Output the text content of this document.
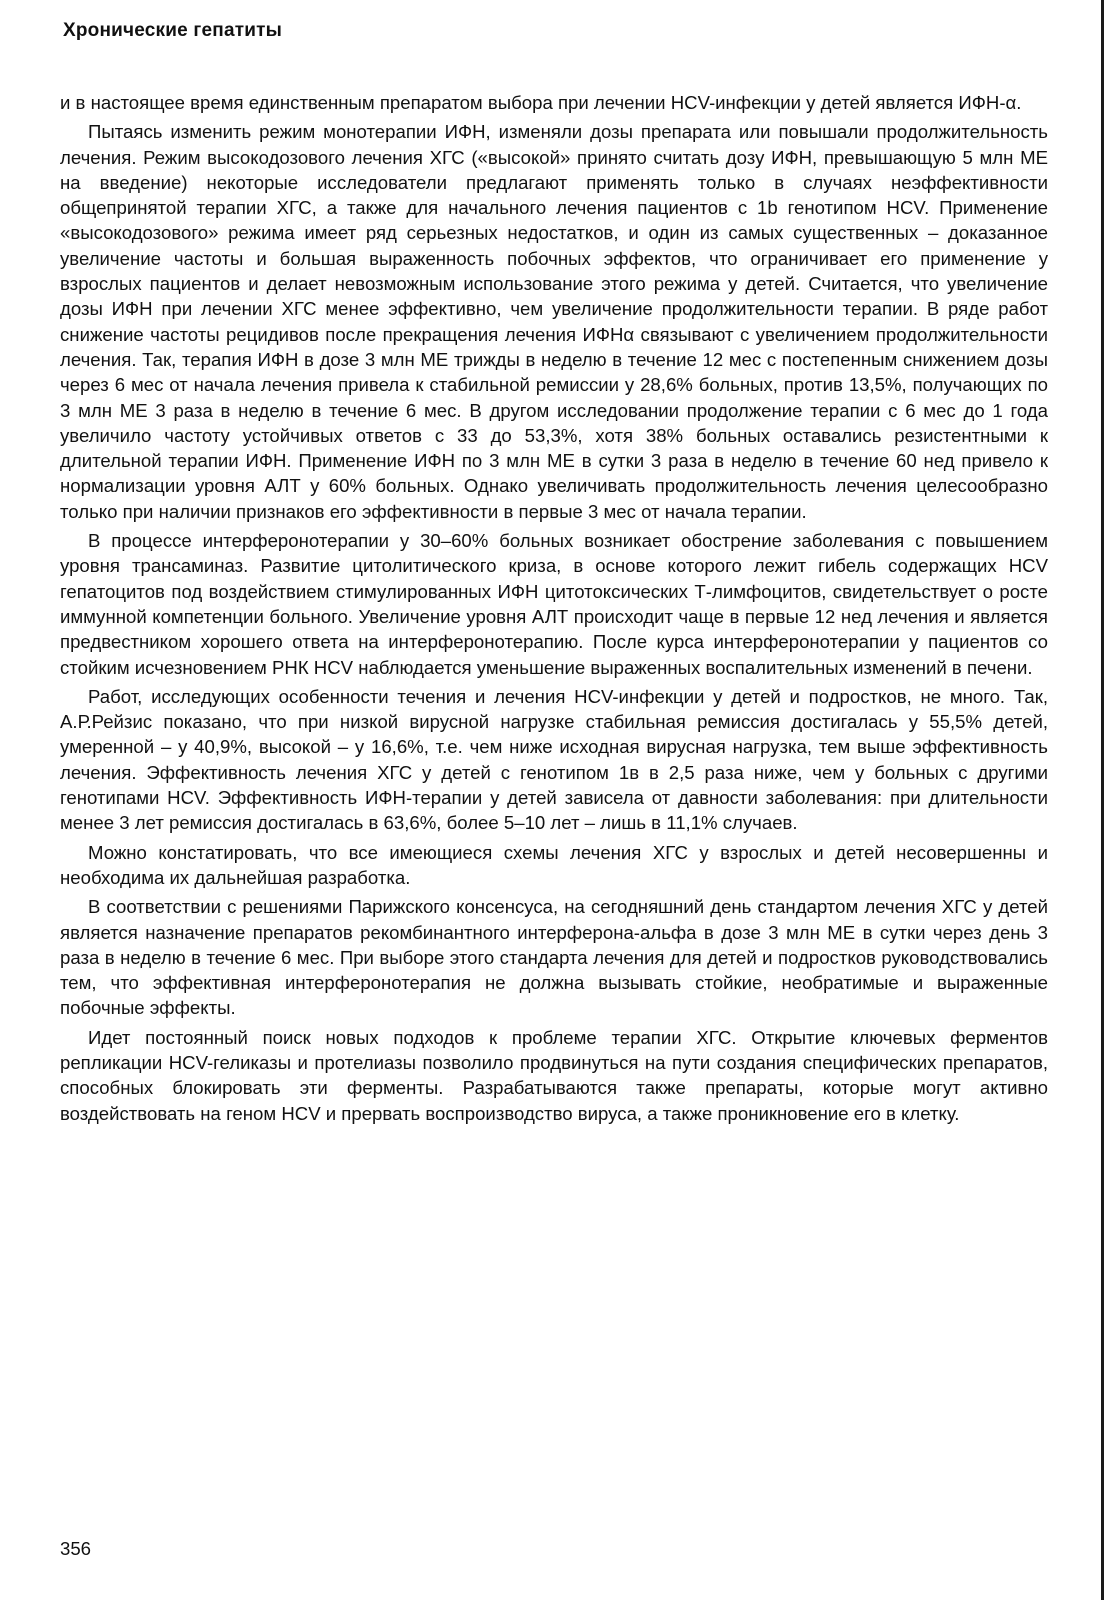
Хронические гепатиты

и в настоящее время единственным препаратом выбора при лечении HCV-инфекции у детей является ИФН-α.

Пытаясь изменить режим монотерапии ИФН, изменяли дозы препарата или повышали продолжительность лечения. Режим высокодозового лечения ХГС («высокой» принято считать дозу ИФН, превышающую 5 млн МЕ на введение) некоторые исследователи предлагают применять только в случаях неэффективности общепринятой терапии ХГС, а также для начального лечения пациентов с 1b генотипом HCV. Применение «высокодозового» режима имеет ряд серьезных недостатков, и один из самых существенных – доказанное увеличение частоты и большая выраженность побочных эффектов, что ограничивает его применение у взрослых пациентов и делает невозможным использование этого режима у детей. Считается, что увеличение дозы ИФН при лечении ХГС менее эффективно, чем увеличение продолжительности терапии. В ряде работ снижение частоты рецидивов после прекращения лечения ИФНα связывают с увеличением продолжительности лечения. Так, терапия ИФН в дозе 3 млн МЕ трижды в неделю в течение 12 мес с постепенным снижением дозы через 6 мес от начала лечения привела к стабильной ремиссии у 28,6% больных, против 13,5%, получающих по 3 млн МЕ 3 раза в неделю в течение 6 мес. В другом исследовании продолжение терапии с 6 мес до 1 года увеличило частоту устойчивых ответов с 33 до 53,3%, хотя 38% больных оставались резистентными к длительной терапии ИФН. Применение ИФН по 3 млн МЕ в сутки 3 раза в неделю в течение 60 нед привело к нормализации уровня АЛТ у 60% больных. Однако увеличивать продолжительность лечения целесообразно только при наличии признаков его эффективности в первые 3 мес от начала терапии.

В процессе интерферонотерапии у 30–60% больных возникает обострение заболевания с повышением уровня трансаминаз. Развитие цитолитического криза, в основе которого лежит гибель содержащих HCV гепатоцитов под воздействием стимулированных ИФН цитотоксических Т-лимфоцитов, свидетельствует о росте иммунной компетенции больного. Увеличение уровня АЛТ происходит чаще в первые 12 нед лечения и является предвестником хорошего ответа на интерферонотерапию. После курса интерферонотерапии у пациентов со стойким исчезновением РНК HCV наблюдается уменьшение выраженных воспалительных изменений в печени.

Работ, исследующих особенности течения и лечения HCV-инфекции у детей и подростков, не много. Так, А.Р.Рейзис показано, что при низкой вирусной нагрузке стабильная ремиссия достигалась у 55,5% детей, умеренной – у 40,9%, высокой – у 16,6%, т.е. чем ниже исходная вирусная нагрузка, тем выше эффективность лечения. Эффективность лечения ХГС у детей с генотипом 1в в 2,5 раза ниже, чем у больных с другими генотипами HCV. Эффективность ИФН-терапии у детей зависела от давности заболевания: при длительности менее 3 лет ремиссия достигалась в 63,6%, более 5–10 лет – лишь в 11,1% случаев.

Можно констатировать, что все имеющиеся схемы лечения ХГС у взрослых и детей несовершенны и необходима их дальнейшая разработка.

В соответствии с решениями Парижского консенсуса, на сегодняшний день стандартом лечения ХГС у детей является назначение препаратов рекомбинантного интерферона-альфа в дозе 3 млн МЕ в сутки через день 3 раза в неделю в течение 6 мес. При выборе этого стандарта лечения для детей и подростков руководствовались тем, что эффективная интерферонотерапия не должна вызывать стойкие, необратимые и выраженные побочные эффекты.

Идет постоянный поиск новых подходов к проблеме терапии ХГС. Открытие ключевых ферментов репликации HCV-геликазы и протелиазы позволило продвинуться на пути создания специфических препаратов, способных блокировать эти ферменты. Разрабатываются также препараты, которые могут активно воздействовать на геном HCV и прервать воспроизводство вируса, а также проникновение его в клетку.

356
